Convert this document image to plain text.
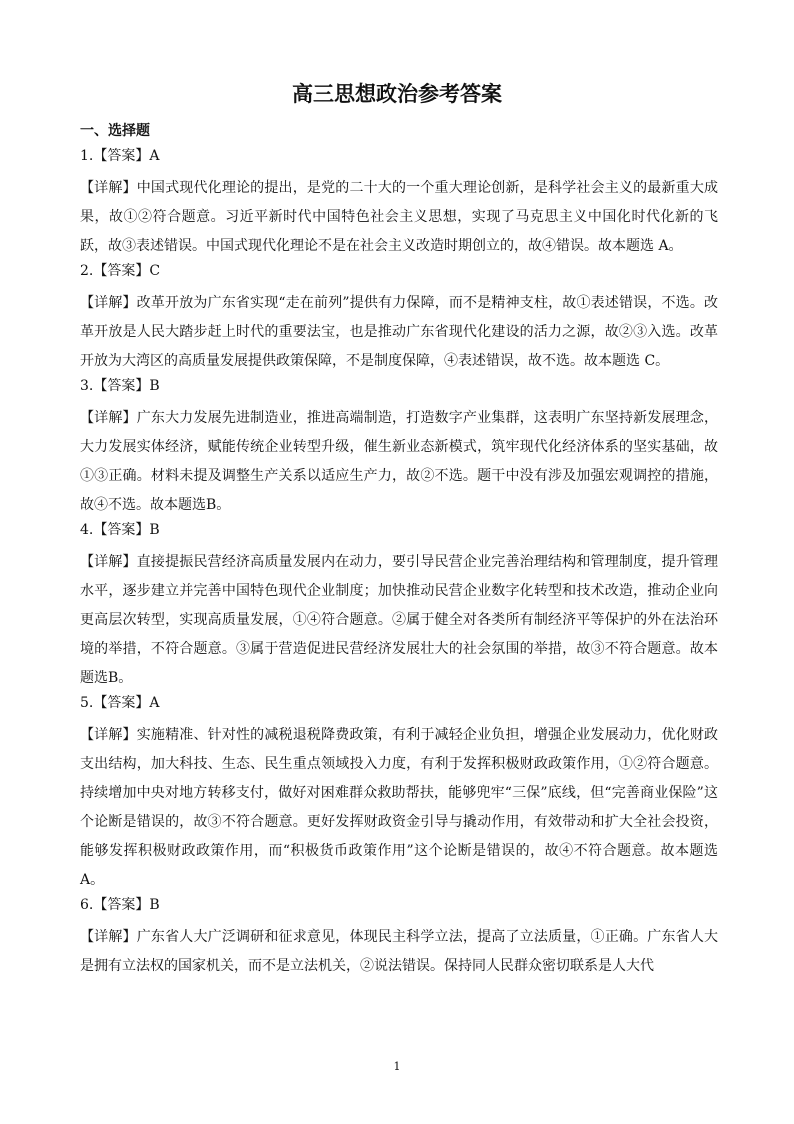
高三思想政治参考答案
一、选择题

1.【答案】A

【详解】中国式现代化理论的提出，是党的二十大的一个重大理论创新，是科学社会主义的最新重大成果，故①②符合题意。习近平新时代中国特色社会主义思想，实现了马克思主义中国化时代化新的飞跃，故③表述错误。中国式现代化理论不是在社会主义改造时期创立的，故④错误。故本题选 A。

2.【答案】C

【详解】改革开放为广东省实现“走在前列”提供有力保障，而不是精神支柱，故①表述错误，不选。改革开放是人民大踏步赶上时代的重要法宝，也是推动广东省现代化建设的活力之源，故②③入选。改革开放为大湾区的高质量发展提供政策保障，不是制度保障，④表述错误，故不选。故本题选 C。

3.【答案】B

【详解】广东大力发展先进制造业，推进高端制造，打造数字产业集群，这表明广东坚持新发展理念，大力发展实体经济，赋能传统企业转型升级，催生新业态新模式，筑牢现代化经济体系的坚实基础，故①③正确。材料未提及调整生产关系以适应生产力，故②不选。题干中没有涉及加强宏观调控的措施，故④不选。故本题选B。

4.【答案】B

【详解】直接提振民营经济高质量发展内在动力，要引导民营企业完善治理结构和管理制度，提升管理水平，逐步建立并完善中国特色现代企业制度；加快推动民营企业数字化转型和技术改造，推动企业向更高层次转型，实现高质量发展，①④符合题意。②属于健全对各类所有制经济平等保护的外在法治环境的举措，不符合题意。③属于营造促进民营经济发展壮大的社会氛围的举措，故③不符合题意。故本题选B。

5.【答案】A

【详解】实施精准、针对性的减税退税降费政策，有利于减轻企业负担，增强企业发展动力，优化财政支出结构，加大科技、生态、民生重点领域投入力度，有利于发挥积极财政政策作用，①②符合题意。持续增加中央对地方转移支付，做好对困难群众救助帮扶，能够兜牢“三保”底线，但“完善商业保险”这个论断是错误的，故③不符合题意。更好发挥财政资金引导与撬动作用，有效带动和扩大全社会投资，能够发挥积极财政政策作用，而“积极货币政策作用”这个论断是错误的，故④不符合题意。故本题选 A。

6.【答案】B

【详解】广东省人大广泛调研和征求意见，体现民主科学立法，提高了立法质量，①正确。广东省人大是拥有立法权的国家机关，而不是立法机关，②说法错误。保持同人民群众密切联系是人大代

1
